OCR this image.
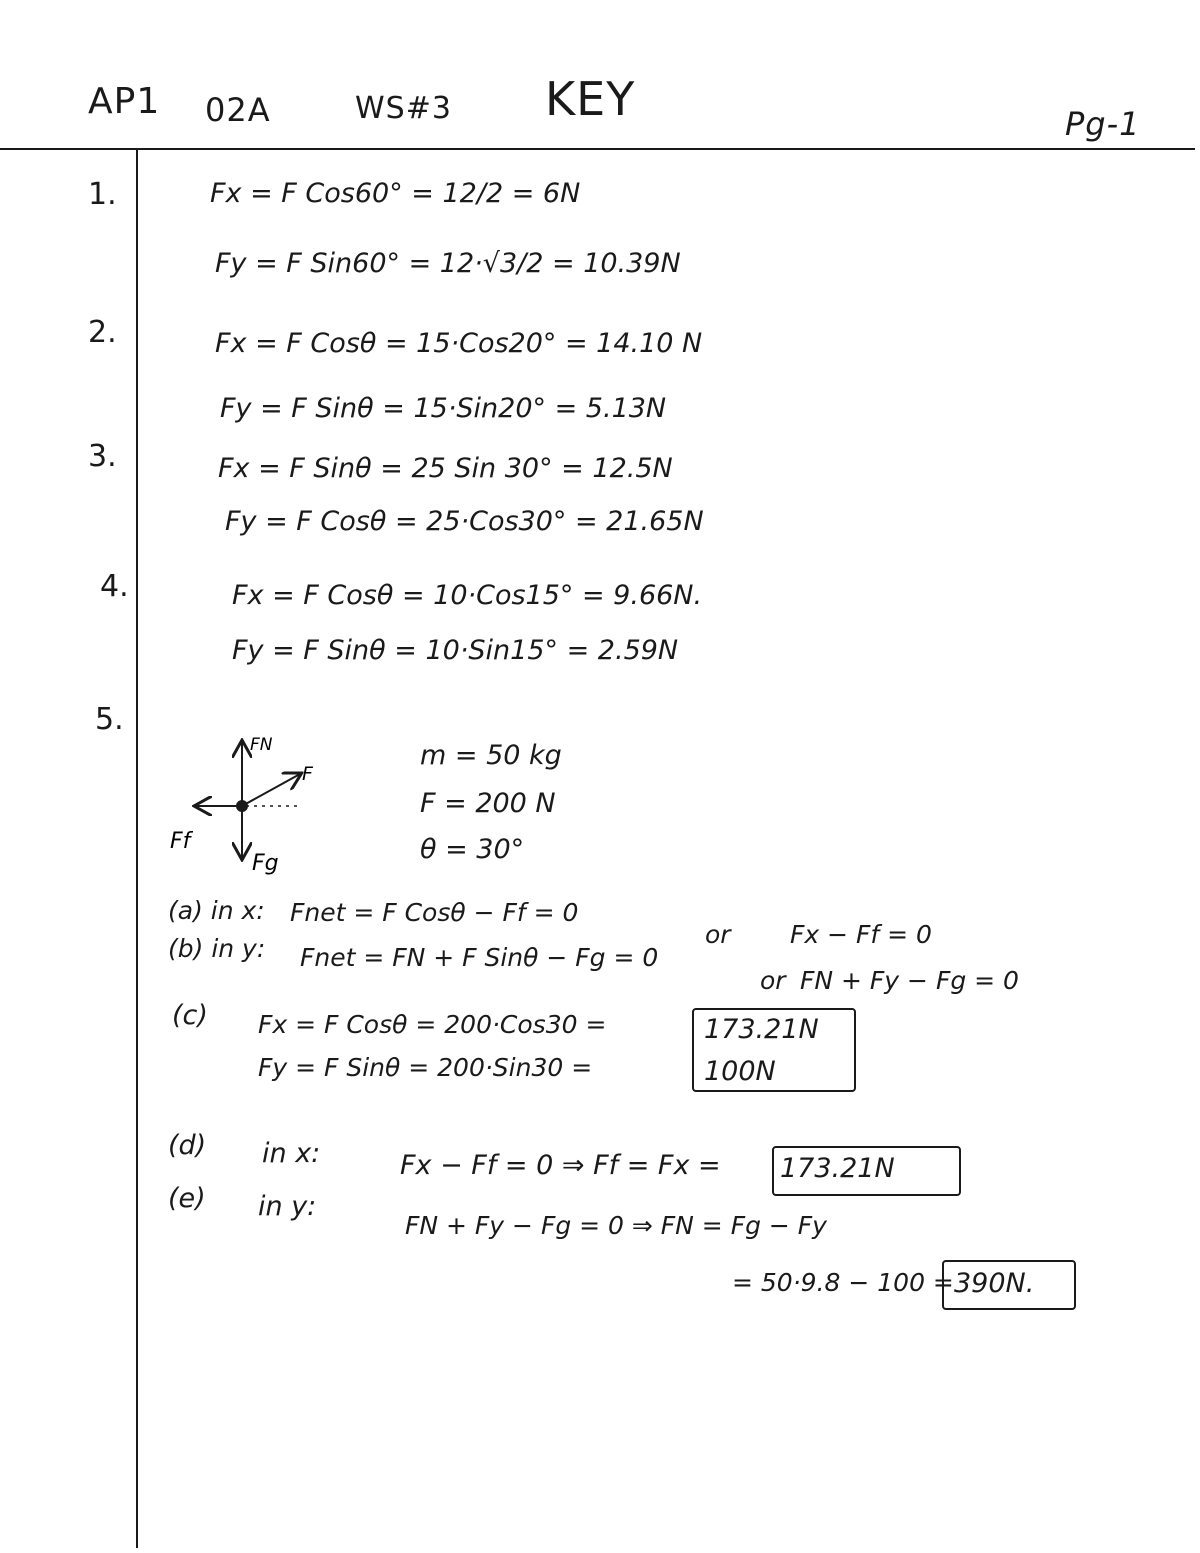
AP1 02A	WS#3 KEY	Pg-1
1.	Fx = F Cos60° = 12/2 = 6N
Fy = F Sin60° = 12·√3/2 = 10.39N
2.	Fx = F Cosθ = 15·Cos20° = 14.10 N
Fy = F Sinθ = 15·Sin20° = 5.13N
3.	Fx = F Sinθ = 25 Sin 30° = 12.5N
Fy = F Cosθ = 25·Cos30° = 21.65N
4.	Fx = F Cosθ = 10·Cos15° = 9.66N.
Fy = F Sinθ = 10·Sin15° = 2.59N
5.
FN
F
Ff
Fg
m = 50 kg
F = 200 N
θ = 30°
(a) in x: Fnet = F Cosθ − Ff = 0
or Fx − Ff = 0
(b) in y: Fnet = FN + F Sinθ − Fg = 0
or FN + Fy − Fg = 0
(c) Fx = F Cosθ = 200·Cos30 =
Fy = F Sinθ = 200·Sin30 =
173.21N
100N
(d) in x:	Fx − Ff = 0 ⇒ Ff = Fx = 173.21N
(e) in y:
FN + Fy − Fg = 0 ⇒ FN = Fg − Fy
= 50·9.8 − 100 = 390N.
